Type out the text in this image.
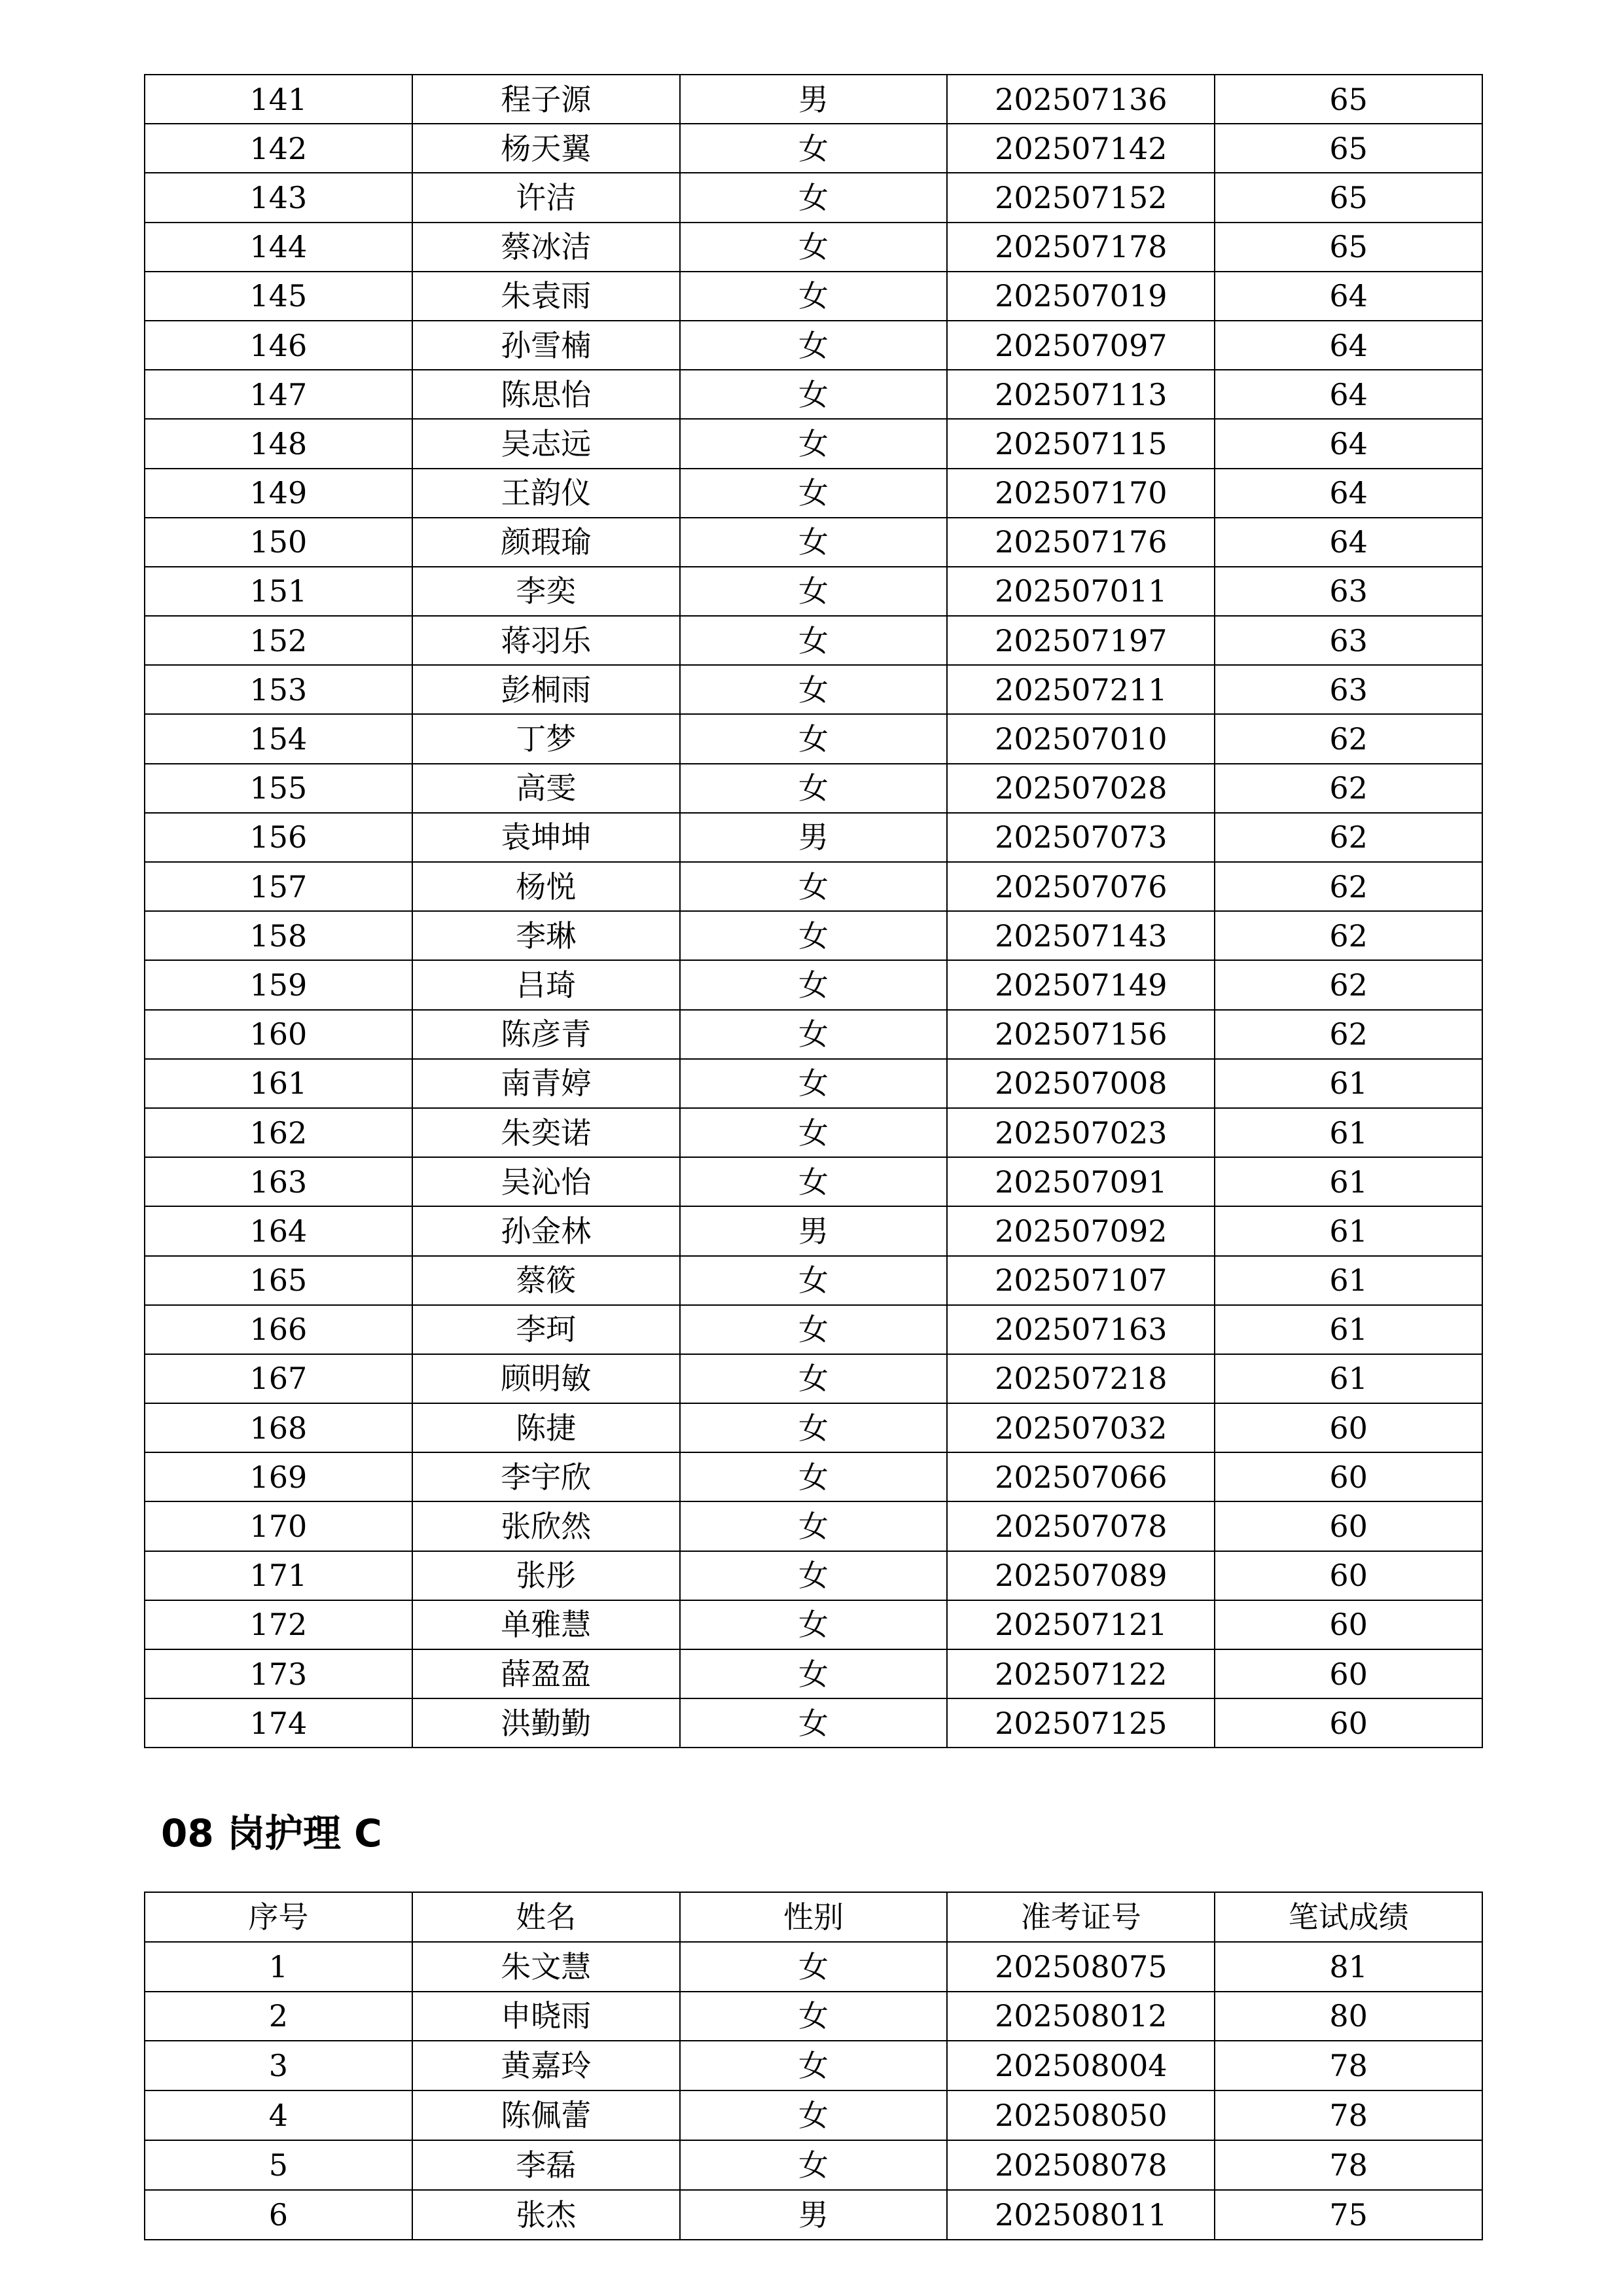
141	程子源	男	202507136	65
142	杨天翼	女	202507142	65
143	许洁	女	202507152	65
144	蔡冰洁	女	202507178	65
145	朱袁雨	女	202507019	64
146	孙雪楠	女	202507097	64
147	陈思怡	女	202507113	64
148	吴志远	女	202507115	64
149	王韵仪	女	202507170	64
150	颜瑕瑜	女	202507176	64
151	李奕	女	202507011	63
152	蒋羽乐	女	202507197	63
153	彭桐雨	女	202507211	63
154	丁梦	女	202507010	62
155	高雯	女	202507028	62
156	袁坤坤	男	202507073	62
157	杨悦	女	202507076	62
158	李琳	女	202507143	62
159	吕琦	女	202507149	62
160	陈彦青	女	202507156	62
161	南青婷	女	202507008	61
162	朱奕诺	女	202507023	61
163	吴沁怡	女	202507091	61
164	孙金林	男	202507092	61
165	蔡筱	女	202507107	61
166	李珂	女	202507163	61
167	顾明敏	女	202507218	61
168	陈捷	女	202507032	60
169	李宇欣	女	202507066	60
170	张欣然	女	202507078	60
171	张彤	女	202507089	60
172	单雅慧	女	202507121	60
173	薛盈盈	女	202507122	60
174	洪勤勤	女	202507125	60
08 岗护理 C
序号	姓名	性别	准考证号	笔试成绩
1	朱文慧	女	202508075	81
2	申晓雨	女	202508012	80
3	黄嘉玲	女	202508004	78
4	陈佩蕾	女	202508050	78
5	李磊	女	202508078	78
6	张杰	男	202508011	75
